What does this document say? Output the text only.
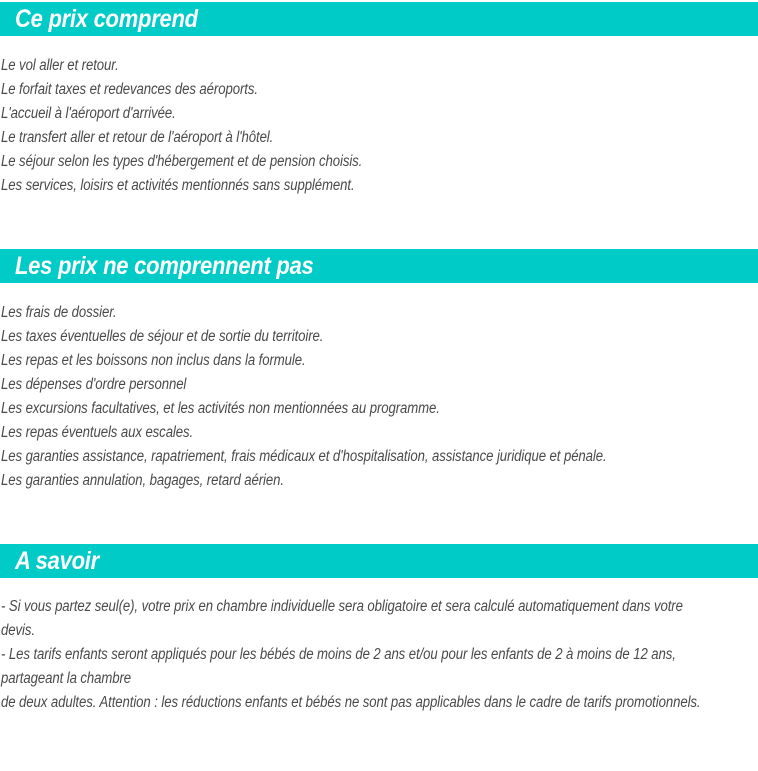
Ce prix comprend
Le vol aller et retour.
Le forfait taxes et redevances des aéroports.
L'accueil à l'aéroport d'arrivée.
Le transfert aller et retour de l'aéroport à l'hôtel.
Le séjour selon les types d'hébergement et de pension choisis.
Les services, loisirs et activités mentionnés sans supplément.
Les prix ne comprennent pas
Les frais de dossier.
Les taxes éventuelles de séjour et de sortie du territoire.
Les repas et les boissons non inclus dans la formule.
Les dépenses d'ordre personnel
Les excursions facultatives, et les activités non mentionnées au programme.
Les repas éventuels aux escales.
Les garanties assistance, rapatriement, frais médicaux et d'hospitalisation, assistance juridique et pénale.
Les garanties annulation, bagages, retard aérien.
A savoir
- Si vous partez seul(e), votre prix en chambre individuelle sera obligatoire et sera calculé automatiquement dans votre
devis.
- Les tarifs enfants seront appliqués pour les bébés de moins de 2 ans et/ou pour les enfants de 2 à moins de 12 ans,
partageant la chambre
de deux adultes. Attention : les réductions enfants et bébés ne sont pas applicables dans le cadre de tarifs promotionnels.
